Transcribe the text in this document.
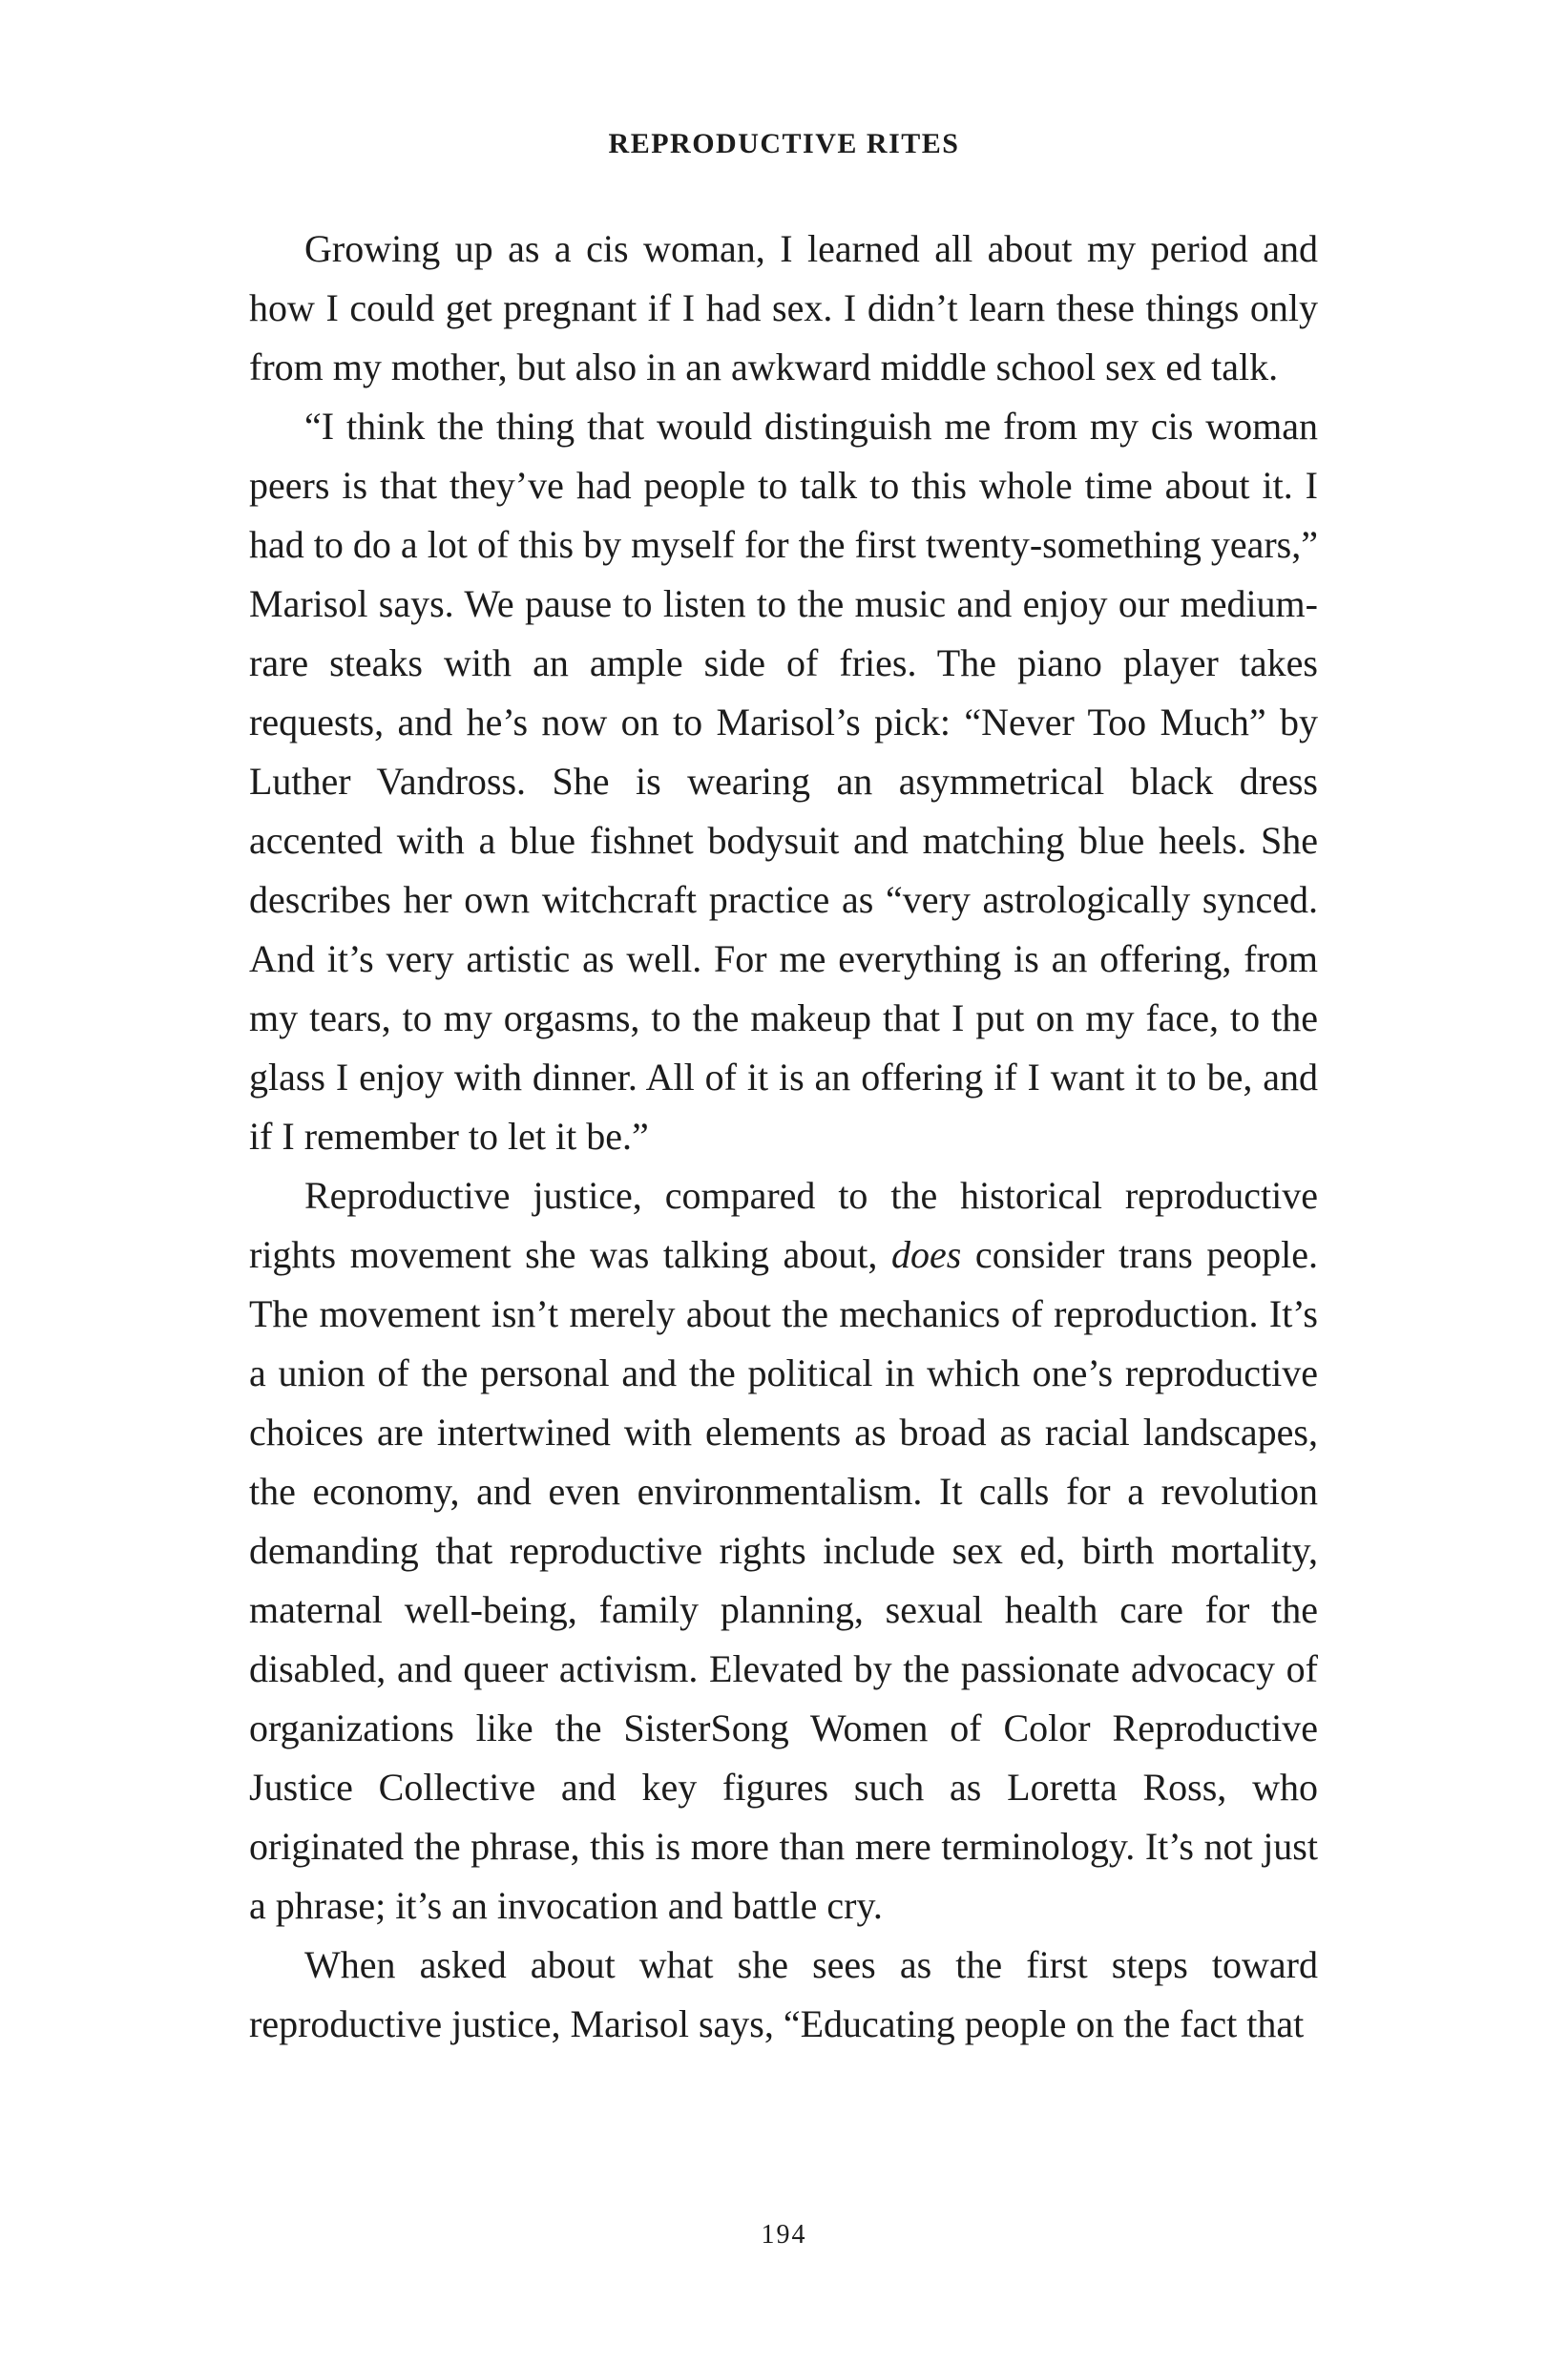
REPRODUCTIVE RITES

Growing up as a cis woman, I learned all about my period and how I could get pregnant if I had sex. I didn’t learn these things only from my mother, but also in an awkward middle school sex ed talk.

“I think the thing that would distinguish me from my cis woman peers is that they’ve had people to talk to this whole time about it. I had to do a lot of this by myself for the first twenty-something years,” Marisol says. We pause to listen to the music and enjoy our medium-rare steaks with an ample side of fries. The piano player takes requests, and he’s now on to Marisol’s pick: “Never Too Much” by Luther Vandross. She is wearing an asymmetrical black dress accented with a blue fishnet bodysuit and matching blue heels. She describes her own witchcraft practice as “very astrologically synced. And it’s very artistic as well. For me everything is an offering, from my tears, to my orgasms, to the makeup that I put on my face, to the glass I enjoy with dinner. All of it is an offering if I want it to be, and if I remember to let it be.”

Reproductive justice, compared to the historical reproductive rights movement she was talking about, does consider trans people. The movement isn’t merely about the mechanics of reproduction. It’s a union of the personal and the political in which one’s reproductive choices are intertwined with elements as broad as racial landscapes, the economy, and even environmentalism. It calls for a revolution demanding that reproductive rights include sex ed, birth mortality, maternal well-being, family planning, sexual health care for the disabled, and queer activism. Elevated by the passionate advocacy of organizations like the SisterSong Women of Color Reproductive Justice Collective and key figures such as Loretta Ross, who originated the phrase, this is more than mere terminology. It’s not just a phrase; it’s an invocation and battle cry.

When asked about what she sees as the first steps toward reproductive justice, Marisol says, “Educating people on the fact that

194
